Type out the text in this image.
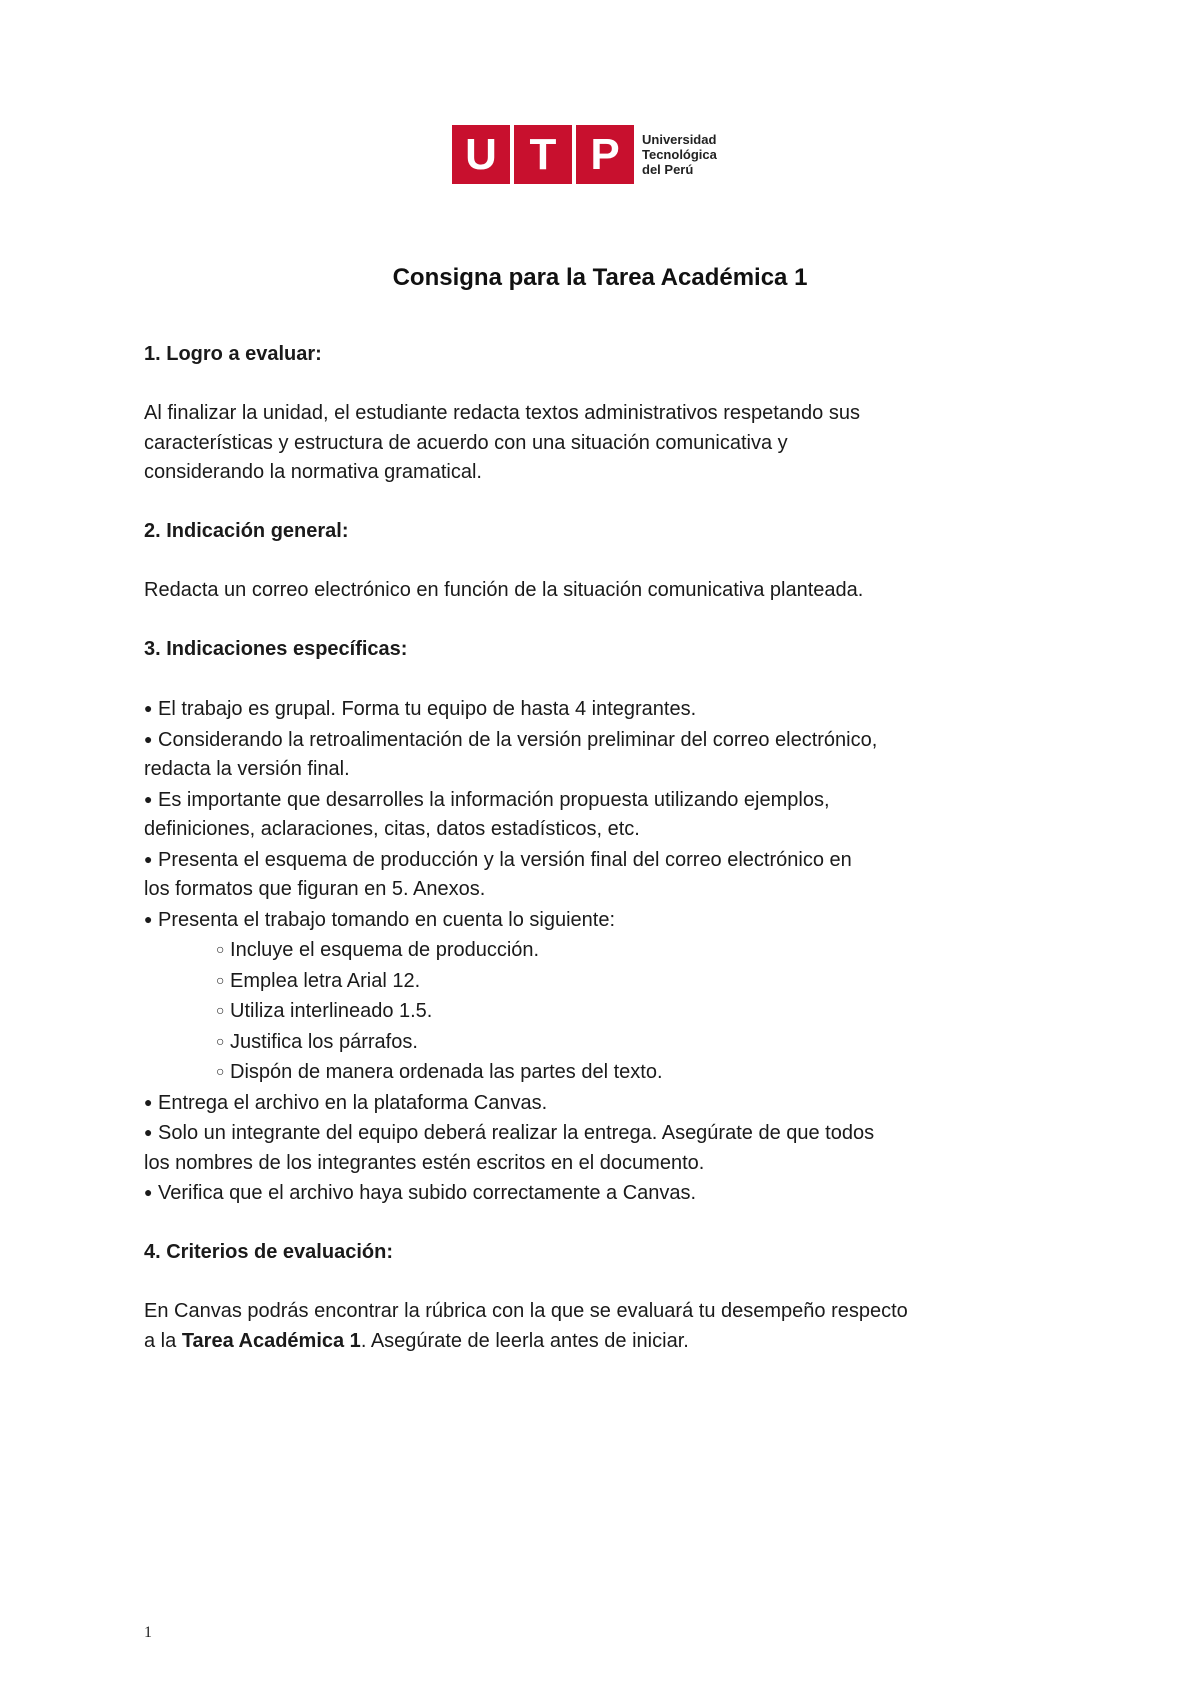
U T P	Universidad
Tecnológica
del Perú
Consigna para la Tarea Académica 1

1. Logro a evaluar:

Al finalizar la unidad, el estudiante redacta textos administrativos respetando sus

características y estructura de acuerdo con una situación comunicativa y

considerando la normativa gramatical.

2. Indicación general:

Redacta un correo electrónico en función de la situación comunicativa planteada.

3. Indicaciones específicas:

● El trabajo es grupal. Forma tu equipo de hasta 4 integrantes.

● Considerando la retroalimentación de la versión preliminar del correo electrónico,

redacta la versión final.

● Es importante que desarrolles la información propuesta utilizando ejemplos,

definiciones, aclaraciones, citas, datos estadísticos, etc.

● Presenta el esquema de producción y la versión final del correo electrónico en

los formatos que figuran en 5. Anexos.

● Presenta el trabajo tomando en cuenta lo siguiente:

○ Incluye el esquema de producción.

○ Emplea letra Arial 12.

○ Utiliza interlineado 1.5.

○ Justifica los párrafos.

○ Dispón de manera ordenada las partes del texto.

● Entrega el archivo en la plataforma Canvas.

● Solo un integrante del equipo deberá realizar la entrega. Asegúrate de que todos

los nombres de los integrantes estén escritos en el documento.

● Verifica que el archivo haya subido correctamente a Canvas.

4. Criterios de evaluación:

En Canvas podrás encontrar la rúbrica con la que se evaluará tu desempeño respecto

a la Tarea Académica 1. Asegúrate de leerla antes de iniciar.

1
